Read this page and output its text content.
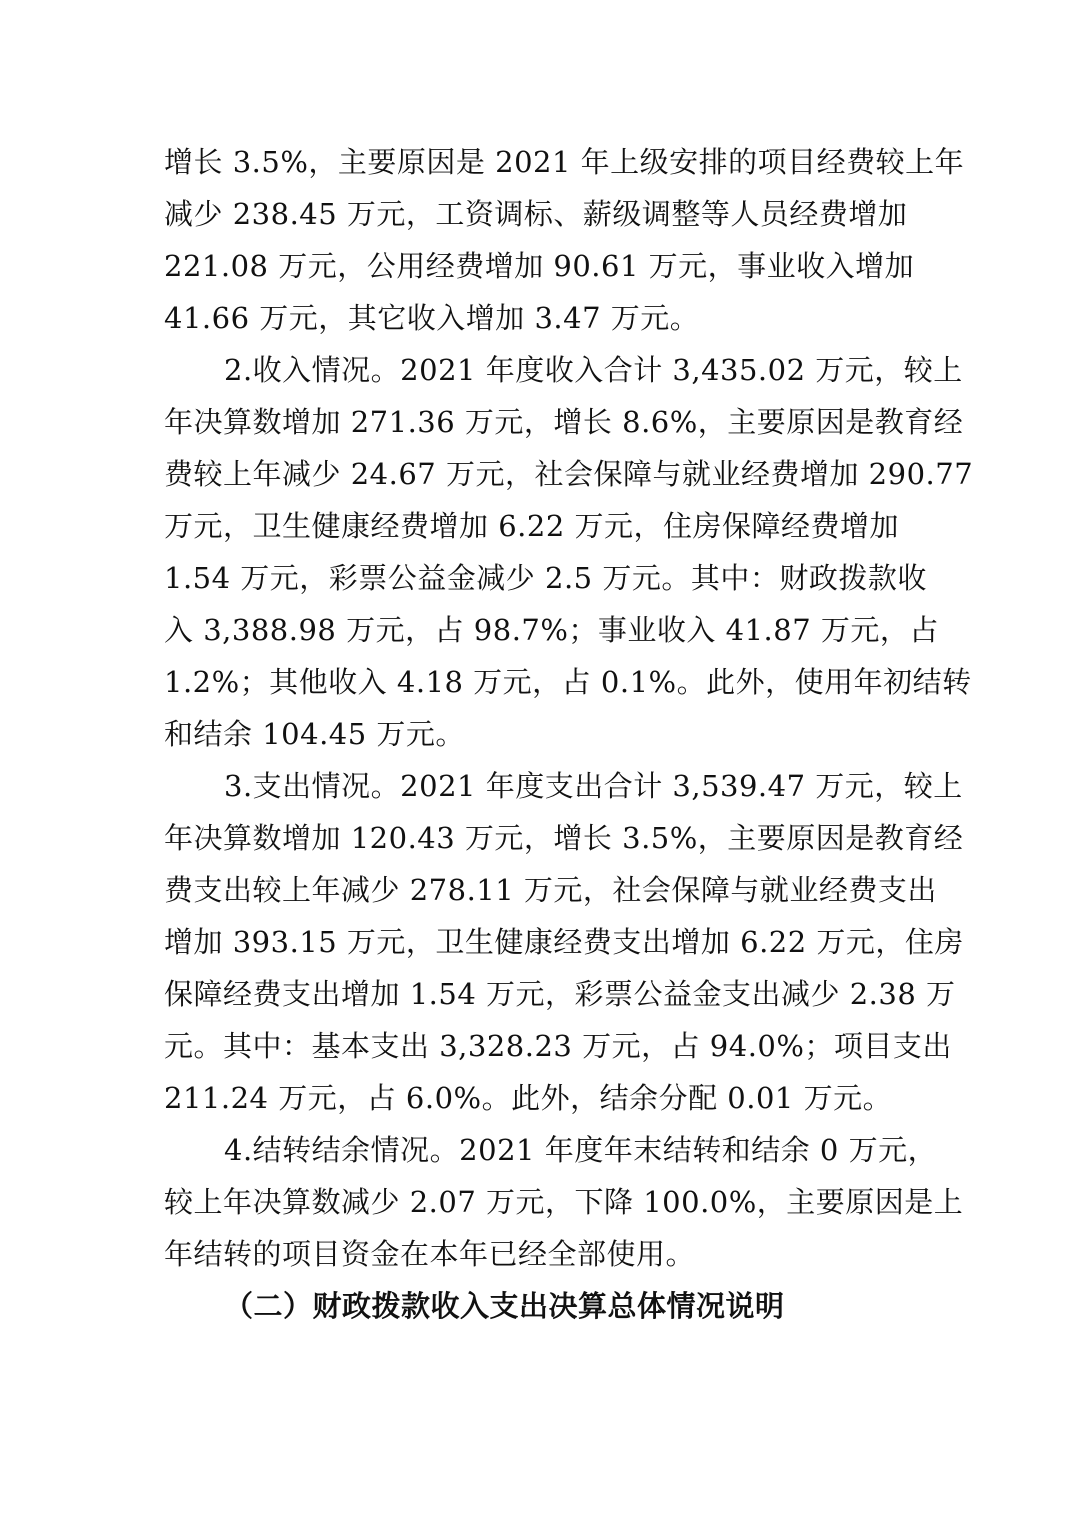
增长 3.5%，主要原因是 2021 年上级安排的项目经费较上年
减少 238.45 万元，工资调标、薪级调整等人员经费增加
221.08 万元，公用经费增加 90.61 万元，事业收入增加
41.66 万元，其它收入增加 3.47 万元。
2.收入情况。2021 年度收入合计 3,435.02 万元，较上
年决算数增加 271.36 万元，增长 8.6%，主要原因是教育经
费较上年减少 24.67 万元，社会保障与就业经费增加 290.77
万元，卫生健康经费增加 6.22 万元，住房保障经费增加
1.54 万元，彩票公益金减少 2.5 万元。其中：财政拨款收
入 3,388.98 万元，占 98.7%；事业收入 41.87 万元，占
1.2%；其他收入 4.18 万元，占 0.1%。此外，使用年初结转
和结余 104.45 万元。
3.支出情况。2021 年度支出合计 3,539.47 万元，较上
年决算数增加 120.43 万元，增长 3.5%，主要原因是教育经
费支出较上年减少 278.11 万元，社会保障与就业经费支出
增加 393.15 万元，卫生健康经费支出增加 6.22 万元，住房
保障经费支出增加 1.54 万元，彩票公益金支出减少 2.38 万
元。其中：基本支出 3,328.23 万元，占 94.0%；项目支出
211.24 万元，占 6.0%。此外，结余分配 0.01 万元。
4.结转结余情况。2021 年度年末结转和结余 0 万元，
较上年决算数减少 2.07 万元，下降 100.0%，主要原因是上
年结转的项目资金在本年已经全部使用。
（二）财政拨款收入支出决算总体情况说明
